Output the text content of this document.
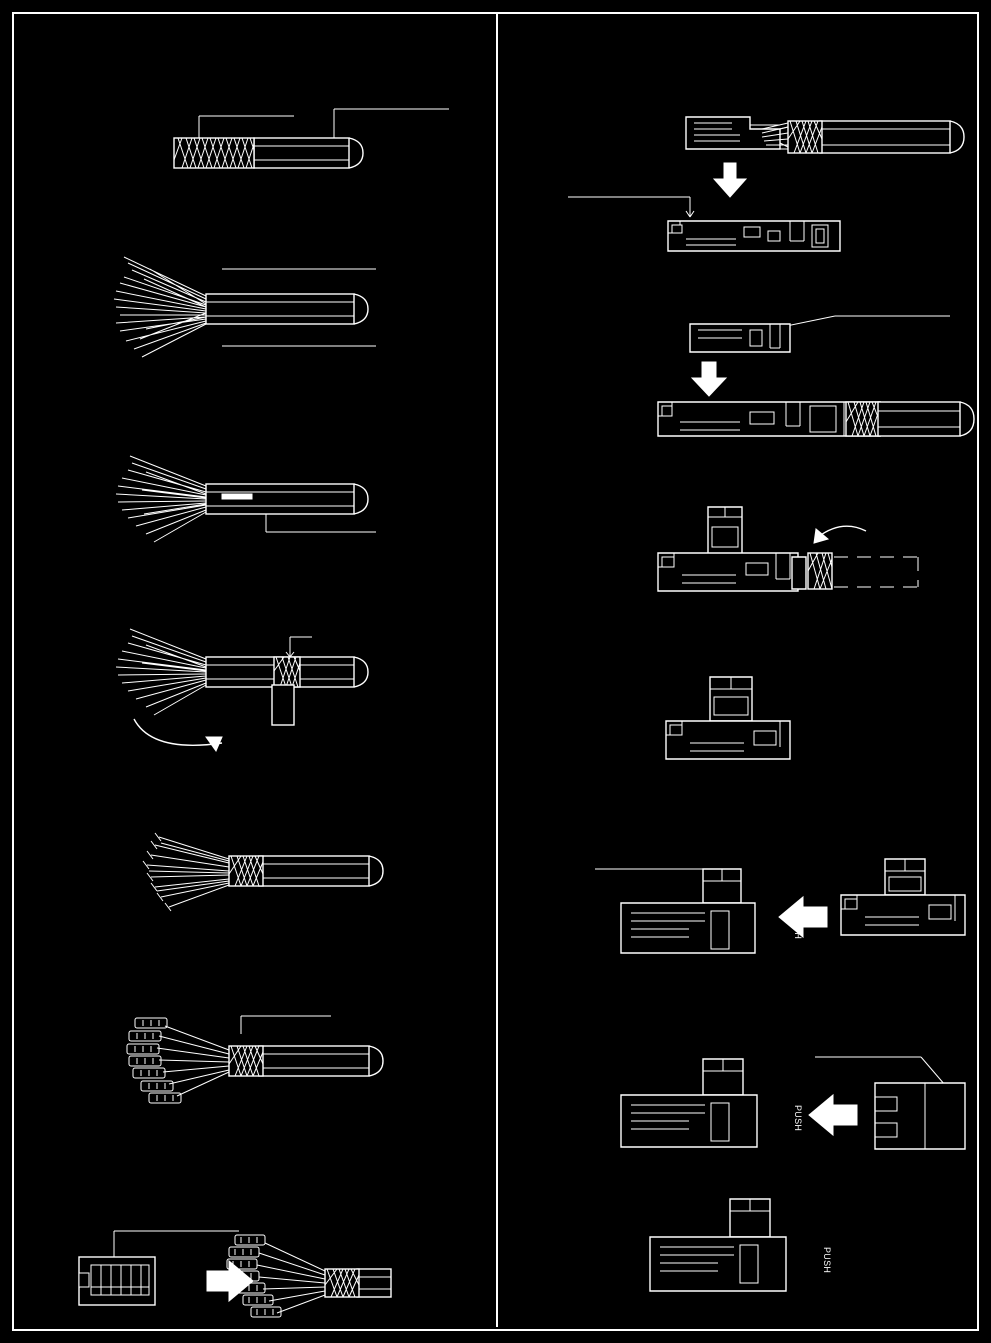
PUSH
PUSH
PUSH
